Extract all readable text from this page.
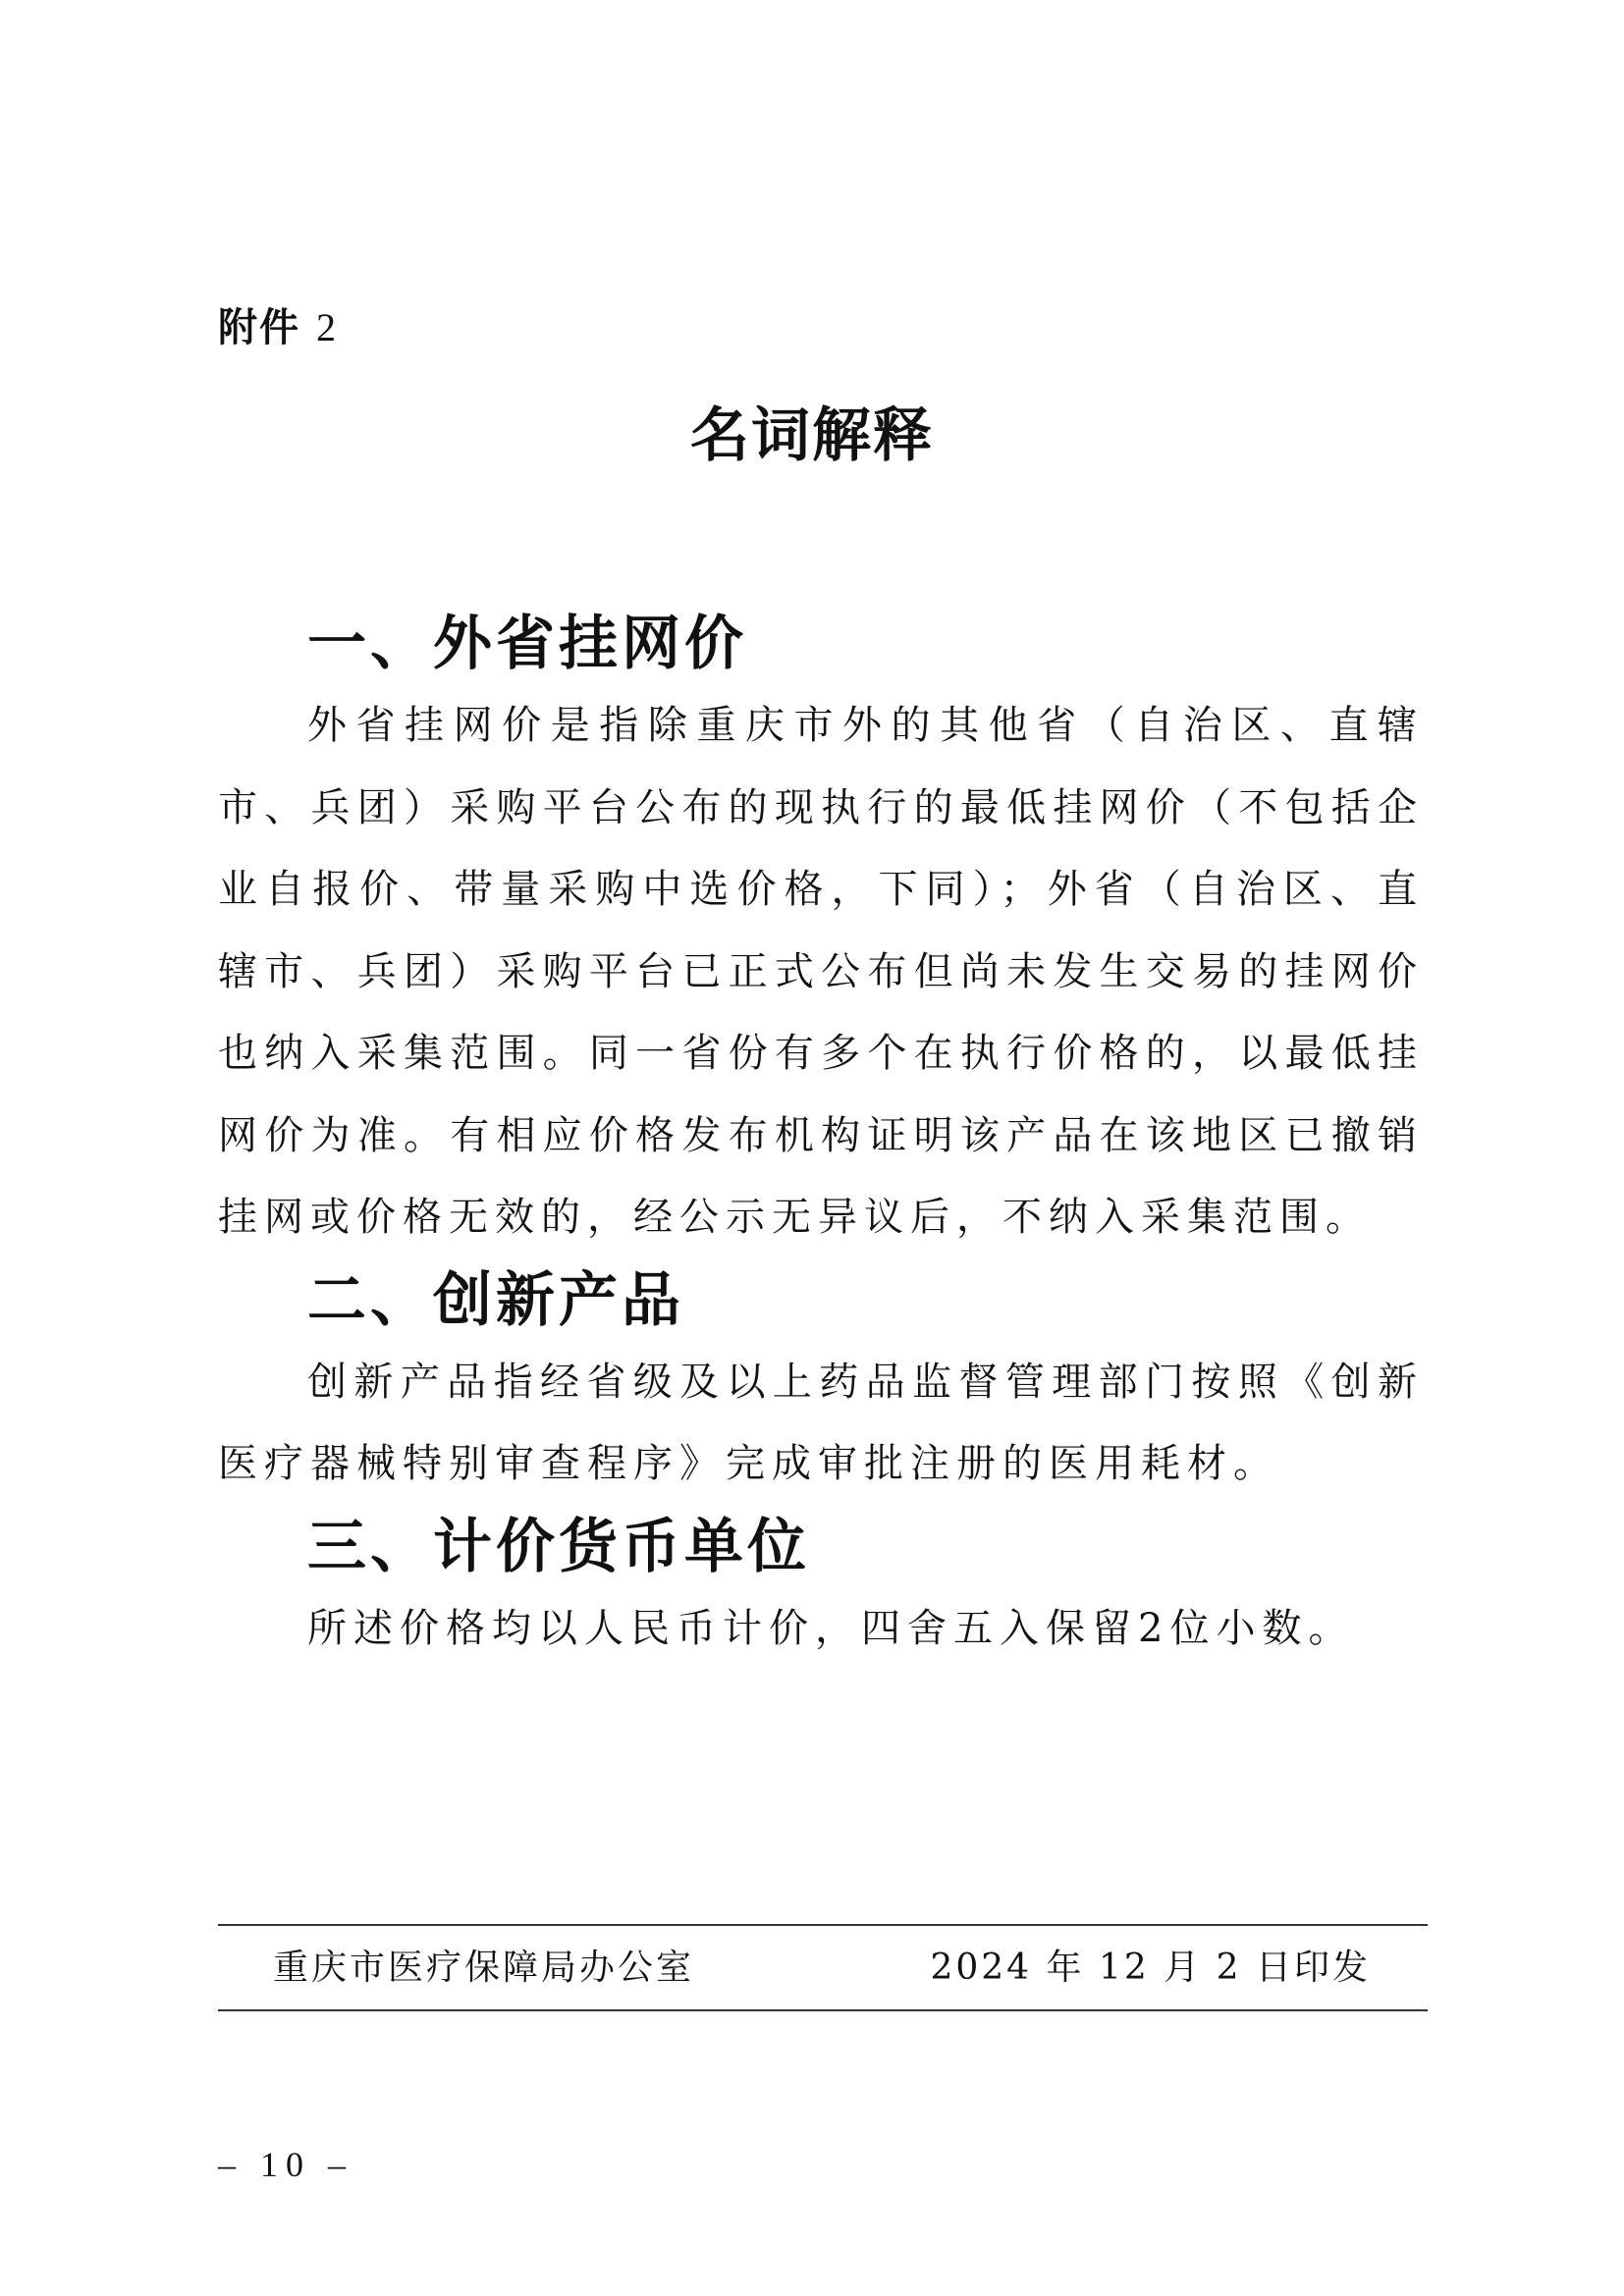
附件 2
名词解释
一、外省挂网价

外省挂网价是指除重庆市外的其他省（自治区、直辖市、兵团）采购平台公布的现执行的最低挂网价（不包括企业自报价、带量采购中选价格，下同）；外省（自治区、直辖市、兵团）采购平台已正式公布但尚未发生交易的挂网价也纳入采集范围。同一省份有多个在执行价格的，以最低挂网价为准。有相应价格发布机构证明该产品在该地区已撤销挂网或价格无效的，经公示无异议后，不纳入采集范围。

二、创新产品

创新产品指经省级及以上药品监督管理部门按照《创新医疗器械特别审查程序》完成审批注册的医用耗材。

三、计价货币单位

所述价格均以人民币计价，四舍五入保留2位小数。

重庆市医疗保障局办公室	2024 年 12 月 2 日印发
– 10 –
